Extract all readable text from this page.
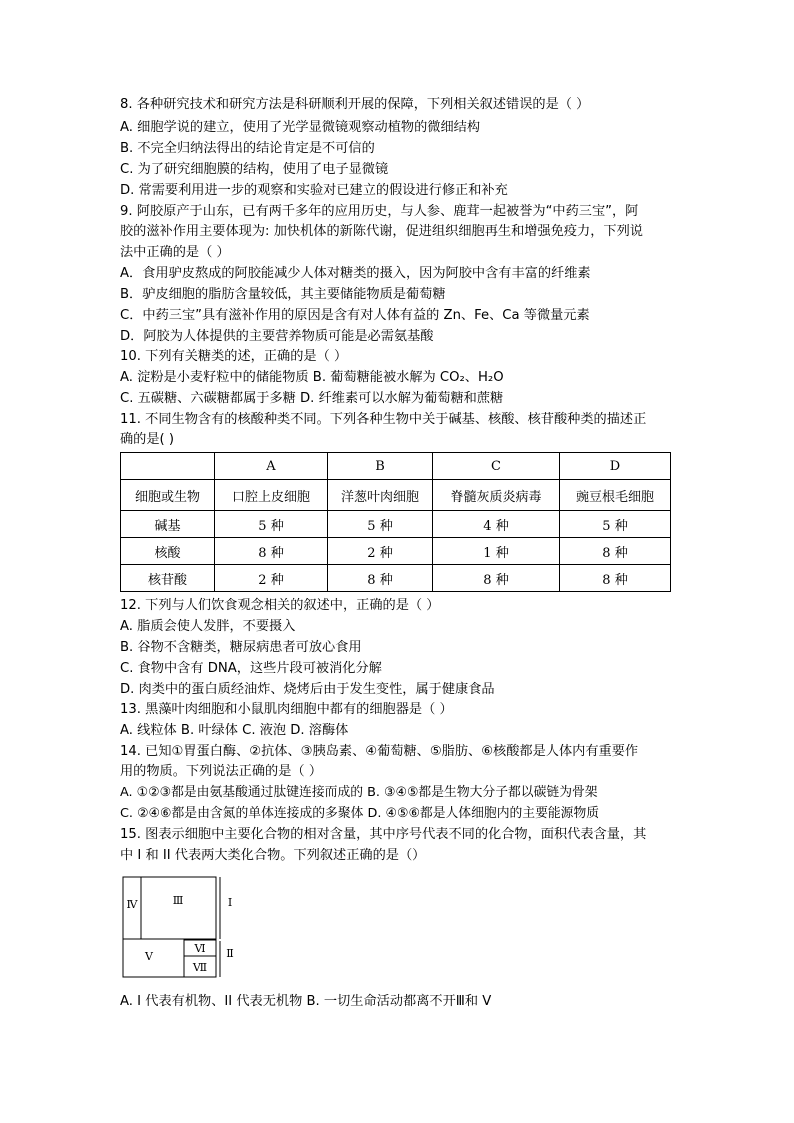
8. 各种研究技术和研究方法是科研顺利开展的保障，下列相关叙述错误的是（ ）
A. 细胞学说的建立，使用了光学显微镜观察动植物的微细结构
B. 不完全归纳法得出的结论肯定是不可信的
C. 为了研究细胞膜的结构，使用了电子显微镜
D. 常需要利用进一步的观察和实验对已建立的假设进行修正和补充
9. 阿胶原产于山东，已有两千多年的应用历史，与人参、鹿茸一起被誉为“中药三宝”，阿
胶的滋补作用主要体现为: 加快机体的新陈代谢，促进组织细胞再生和增强免疫力，下列说
法中正确的是（ ）
A．食用驴皮熬成的阿胶能减少人体对糖类的摄入，因为阿胶中含有丰富的纤维素
B．驴皮细胞的脂肪含量较低，其主要储能物质是葡萄糖
C．中药三宝”具有滋补作用的原因是含有对人体有益的 Zn、Fe、Ca 等微量元素
D．阿胶为人体提供的主要营养物质可能是必需氨基酸
10. 下列有关糖类的述，正确的是（ ）
A. 淀粉是小麦籽粒中的储能物质 B. 葡萄糖能被水解为 CO₂、H₂O
C. 五碳糖、六碳糖都属于多糖 D. 纤维素可以水解为葡萄糖和蔗糖
11. 不同生物含有的核酸种类不同。下列各种生物中关于碱基、核酸、核苷酸种类的描述正
确的是( )
	A	B	C	D
细胞或生物	口腔上皮细胞	洋葱叶肉细胞	脊髓灰质炎病毒	豌豆根毛细胞
碱基	5 种	5 种	4 种	5 种
核酸	8 种	2 种	1 种	8 种
核苷酸	2 种	8 种	8 种	8 种
12. 下列与人们饮食观念相关的叙述中，正确的是（ ）
A. 脂质会使人发胖，不要摄入
B. 谷物不含糖类，糖尿病患者可放心食用
C. 食物中含有 DNA，这些片段可被消化分解
D. 肉类中的蛋白质经油炸、烧烤后由于发生变性，属于健康食品
13. 黑藻叶肉细胞和小鼠肌肉细胞中都有的细胞器是（ ）
A. 线粒体 B. 叶绿体 C. 液泡 D. 溶酶体
14. 已知①胃蛋白酶、②抗体、③胰岛素、④葡萄糖、⑤脂肪、⑥核酸都是人体内有重要作
用的物质。下列说法正确的是（ ）
A. ①②③都是由氨基酸通过肽键连接而成的 B. ③④⑤都是生物大分子都以碳链为骨架
C. ②④⑥都是由含氮的单体连接成的多聚体 D. ④⑤⑥都是人体细胞内的主要能源物质
15. 图表示细胞中主要化合物的相对含量，其中序号代表不同的化合物，面积代表含量，其
中 I 和 II 代表两大类化合物。下列叙述正确的是（）
Ⅳ	Ⅲ	I
V
Ⅵ
Ⅶ
Ⅱ
A. I 代表有机物、II 代表无机物 B. 一切生命活动都离不开Ⅲ和 V
